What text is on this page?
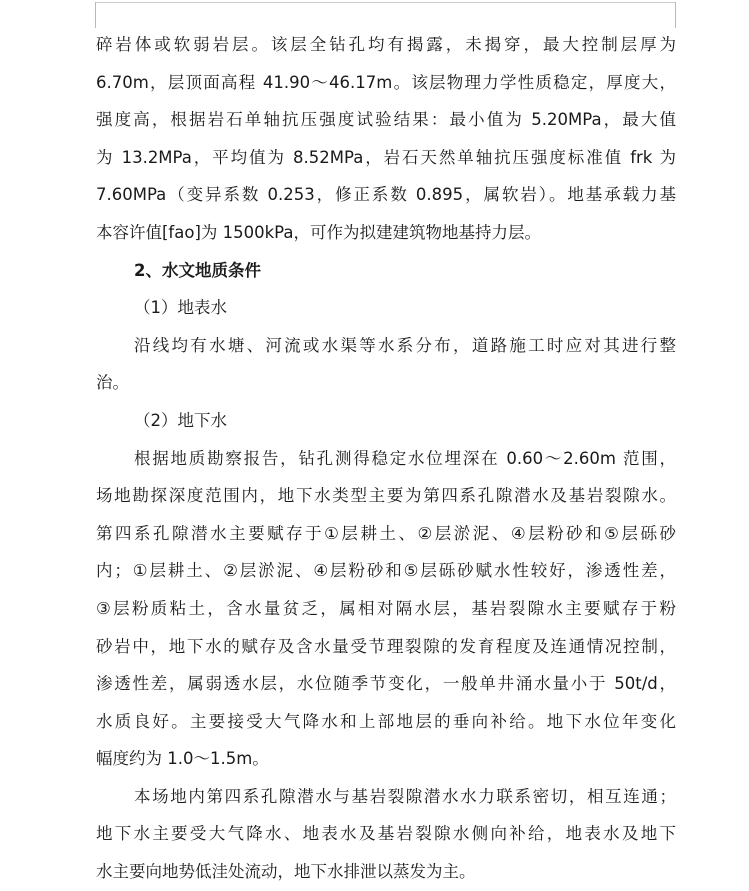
碎岩体或软弱岩层。该层全钻孔均有揭露，未揭穿，最大控制层厚为
6.70m，层顶面高程 41.90～46.17m。该层物理力学性质稳定，厚度大，
强度高，根据岩石单轴抗压强度试验结果：最小值为 5.20MPa，最大值
为 13.2MPa，平均值为 8.52MPa，岩石天然单轴抗压强度标准值 frk 为
7.60MPa（变异系数 0.253，修正系数 0.895，属软岩）。地基承载力基
本容许值[fao]为 1500kPa，可作为拟建建筑物地基持力层。
2、水文地质条件
（1）地表水
沿线均有水塘、河流或水渠等水系分布，道路施工时应对其进行整
治。
（2）地下水
根据地质勘察报告，钻孔测得稳定水位埋深在 0.60～2.60m 范围，
场地勘探深度范围内，地下水类型主要为第四系孔隙潜水及基岩裂隙水。
第四系孔隙潜水主要赋存于①层耕土、②层淤泥、④层粉砂和⑤层砾砂
内；①层耕土、②层淤泥、④层粉砂和⑤层砾砂赋水性较好，渗透性差，
③层粉质粘土，含水量贫乏，属相对隔水层，基岩裂隙水主要赋存于粉
砂岩中，地下水的赋存及含水量受节理裂隙的发育程度及连通情况控制，
渗透性差，属弱透水层，水位随季节变化，一般单井涌水量小于 50t/d，
水质良好。主要接受大气降水和上部地层的垂向补给。地下水位年变化
幅度约为 1.0～1.5m。
本场地内第四系孔隙潜水与基岩裂隙潜水水力联系密切，相互连通；
地下水主要受大气降水、地表水及基岩裂隙水侧向补给，地表水及地下
水主要向地势低洼处流动，地下水排泄以蒸发为主。
